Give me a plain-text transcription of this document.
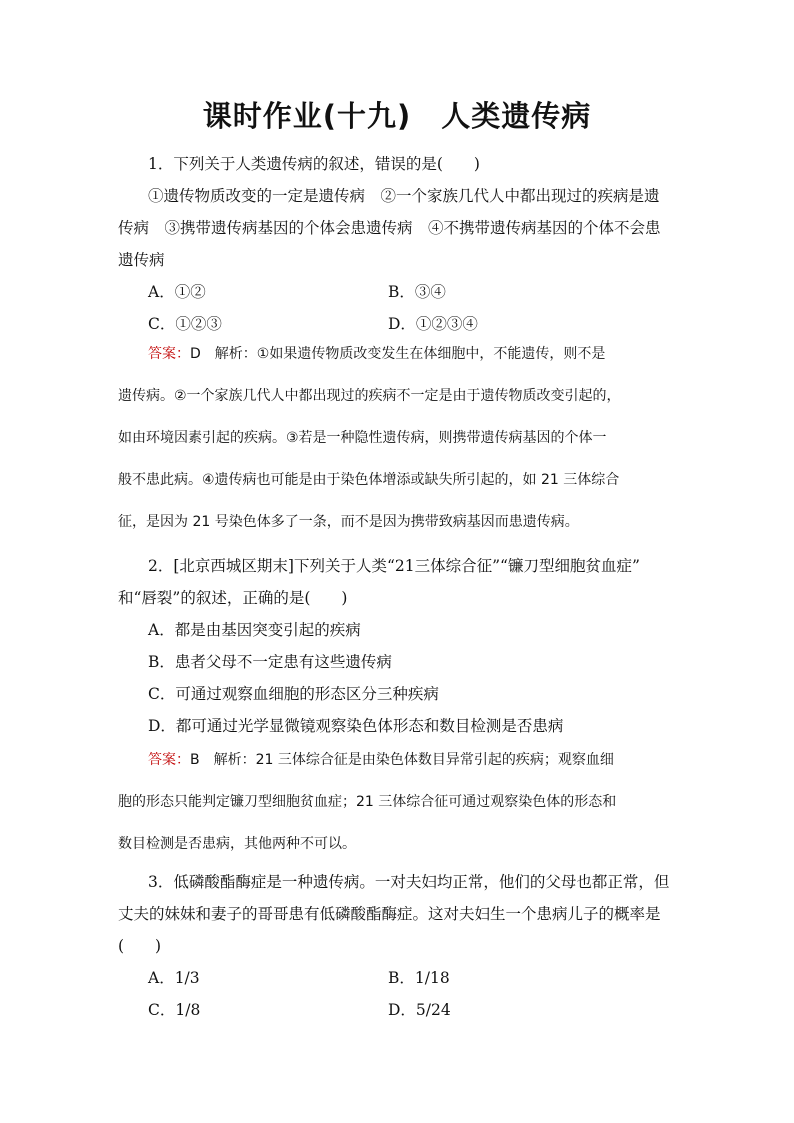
课时作业(十九)　人类遗传病

1．下列关于人类遗传病的叙述，错误的是(　　)

①遗传物质改变的一定是遗传病　②一个家族几代人中都出现过的疾病是遗

传病　③携带遗传病基因的个体会患遗传病　④不携带遗传病基因的个体不会患

遗传病

A．①②	B．③④

C．①②③	D．①②③④

答案：D　解析：①如果遗传物质改变发生在体细胞中，不能遗传，则不是

遗传病。②一个家族几代人中都出现过的疾病不一定是由于遗传物质改变引起的，

如由环境因素引起的疾病。③若是一种隐性遗传病，则携带遗传病基因的个体一

般不患此病。④遗传病也可能是由于染色体增添或缺失所引起的，如 21 三体综合

征，是因为 21 号染色体多了一条，而不是因为携带致病基因而患遗传病。

2．[北京西城区期末]下列关于人类“21三体综合征”“镰刀型细胞贫血症”

和“唇裂”的叙述，正确的是(　　)

A．都是由基因突变引起的疾病

B．患者父母不一定患有这些遗传病

C．可通过观察血细胞的形态区分三种疾病

D．都可通过光学显微镜观察染色体形态和数目检测是否患病

答案：B　解析：21 三体综合征是由染色体数目异常引起的疾病；观察血细

胞的形态只能判定镰刀型细胞贫血症；21 三体综合征可通过观察染色体的形态和

数目检测是否患病，其他两种不可以。

3．低磷酸酯酶症是一种遗传病。一对夫妇均正常，他们的父母也都正常，但

丈夫的妹妹和妻子的哥哥患有低磷酸酯酶症。这对夫妇生一个患病儿子的概率是

(　　)

A．1/3	B．1/18

C．1/8	D．5/24
